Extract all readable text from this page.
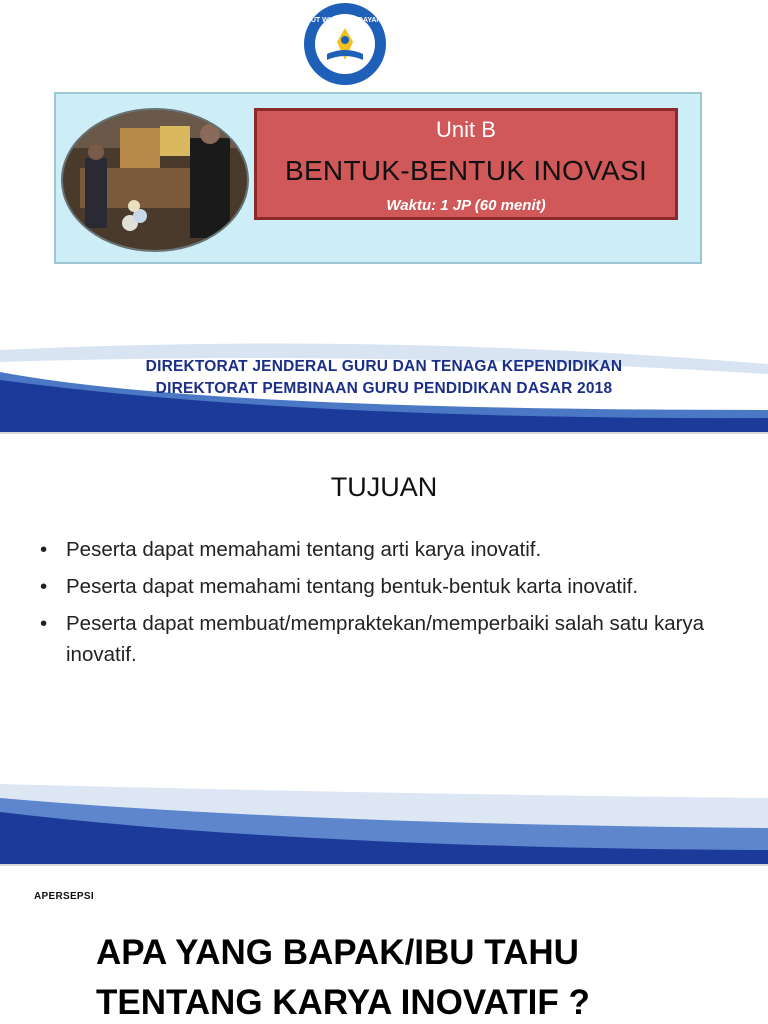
TUT WURI HANDAYANI
Unit B
BENTUK-BENTUK INOVASI
Waktu: 1 JP (60 menit)
DIREKTORAT JENDERAL GURU DAN TENAGA KEPENDIDIKAN
DIREKTORAT PEMBINAAN GURU PENDIDIKAN DASAR 2018
TUJUAN
• Peserta dapat memahami tentang arti karya inovatif.
• Peserta dapat memahami tentang bentuk-bentuk karta inovatif.
• Peserta dapat membuat/mempraktekan/memperbaiki salah satu karya inovatif.
APERSEPSI
APA YANG BAPAK/IBU TAHU
TENTANG KARYA INOVATIF ?
